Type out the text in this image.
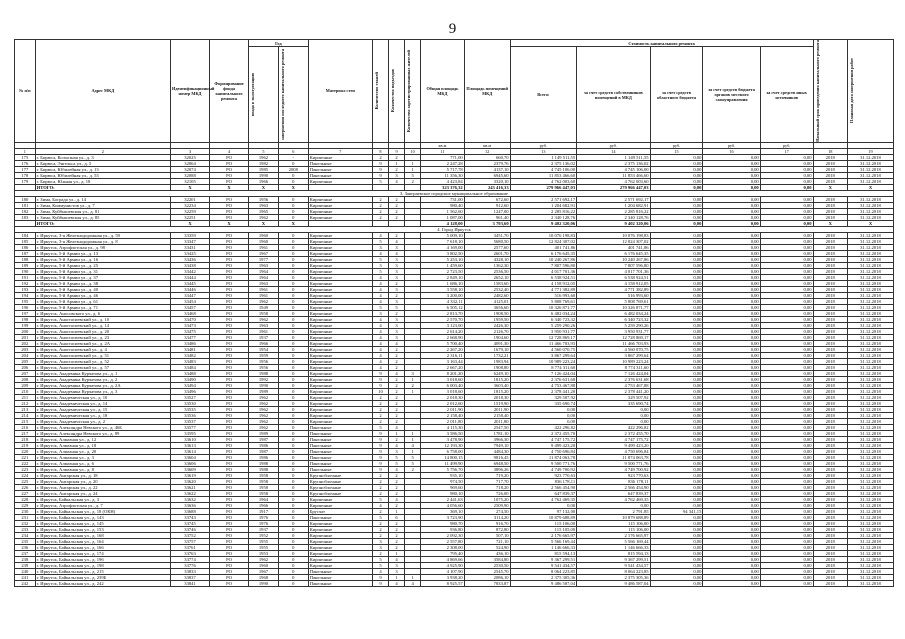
9
№ п/п	Адрес МКД	Идентификационный номер МКД	Формирование фонда капитального ремонта	Год		Материал стен	Количество этажей	Количество подъездов	Количество зарегистрированных жителей	Общая площадь МКД	Площадь помещений МКД	Стоимость капитального ремонта					Начальный срок проведения капитального ремонта	Плановая дата завершения работ

				ввода в эксплуатацию	завершения последнего капитального ремонта							Всего:	за счет средств собственников помещений в МКД	за счет средств областного бюджета	за счет средств бюджета органов местного самоуправления	за счет средств иных источников		
										кв.м	кв.м	руб.	руб.	руб.	руб.	руб.		
1	2	3	4	5	6	7	8	9	10	11	12	13	14	15	16	17	18	19
175	г. Бирюса, Колхозная ул., д. 3	32025	РО	1962	-	Кирпичные	2	2		771,00	660,70	1 149 511,55	1 149 511,55	0,00	0,00	0,00	2018	31.12.2018
176	г. Бирюса, Энгельса ул., д. 5	32064	РО	1982	0	Панельные	9	1	1	2 247,28	2379,76	2 375 136,02	2 375 136,02	0,00	0,00	0,00	2018	31.12.2018
177	г. Бирюса, Юбилейная ул., д. 13	32074	РО	1985	2008	Панельные	9	2	1	5 717,78	4137,10	4 745 106,00	4 745 106,00	0,00	0,00	0,00	2018	31.12.2018
178	г. Бирюса, Юбилейная ул., д. 53	32088	РО	1990	0	Панельные	9	3	5	11 356,30	6945,60	11 853 466,60	11 853 466,60	0,00	0,00	0,00	2018	31.12.2018
179	г. Бирюса, Южная ул., д. 18	32105	РО	1966	0	Кирпичные	5	4	2	4 423,84	3320,10	4 762 003,60	4 762 003,60	0,00	0,00	0,00	2018	31.12.2018
	ИТОГО:	X	X	X	X					323 376,32	243 416,33	279 966 447,03	279 966 447,03	0,00	0,00	0,00	X	X
3. Заиграевское городское муниципальное образование																		
180	г. Зима, Бограда ул., д. 14	32201	РО	1956	0	Кирпичные	2	2		731,00	672,60	2 571 692,17	2 571 692,17	0,00	0,00	0,00	2018	31.12.2018
181	г. Зима, Коммунистов ул., д. 7	32234	РО	1963	0	Кирпичные	2	2		980,40	912,60	1 204 682,91	1 204 682,91	0,00	0,00	0,00	2018	31.12.2018
182	г. Зима, Куйбышевская ул., д. 81	32259	РО	1965	0	Кирпичные	2	2		1 562,60	1247,00	2 285 816,22	2 285 816,22	0,00	0,00	0,00	2018	31.12.2018
183	г. Зима, Куйбышевская ул., д. 85	32251	РО	1962	0	Кирпичные	2	2		1 087,00	961,40	2 340 128,76	2 340 128,76	0,00	0,00	0,00	2018	31.12.2018
	ИТОГО:	X	X	X	X					4 128,00	3 793,60	9 402 320,06	9 402 320,06	0,00	0,00	0,00	X	X
4. Город Иркутск																		
184	г. Иркутск, 3-я Железнодорожная ул., д. 59	33359	РО	1960	0	Кирпичные	4	2		5 009,10	3451,70	10 076 198,83	10 076 198,83	0,00	0,00	0,00	2018	31.12.2018
185	г. Иркутск, 3-я Железнодорожная ул., д. 8	33347	РО	1960	0	Кирпичные	5	4		7 618,10	5680,50	12 824 307,02	12 824 307,02	0,00	0,00	0,00	2018	31.12.2018
186	г. Иркутск, Аэрофлотская ул., д. 98	33431	РО	1961	0	Кирпичные	3	3		4 169,00	2577,60	401 741,86	401 741,86	0,00	0,00	0,00	2018	31.12.2018
187	г. Иркутск, 5-й Армии ул., д. 13	33425	РО	1967	0	Кирпичные	4	4		3 802,50	2601,70	6 176 645,35	6 176 645,35	0,00	0,00	0,00	2018	31.12.2018
188	г. Иркутск, 5-й Армии ул., д. 16	33436	РО	1977	0	Кирпичные	5	3		5 253,10	4328,10	10 240 267,86	10 240 267,86	0,00	0,00	0,00	2018	31.12.2018
189	г. Иркутск, 5-й Армии ул., д. 25	33438	РО	1963	0	Кирпичные	3	3		1 459,60	1362,30	7 807 596,80	7 807 596,80	0,00	0,00	0,00	2018	31.12.2018
190	г. Иркутск, 5-й Армии ул., д. 31	33442	РО	1964	0	Кирпичные	5	3		2 723,50	2536,50	4 017 701,36	4 017 701,36	0,00	0,00	0,00	2018	31.12.2018
191	г. Иркутск, 5-й Армии ул., д. 37	33444	РО	1964	0	Кирпичные	4	3		2 849,10	2652,10	6 538 924,51	6 538 924,51	0,00	0,00	0,00	2018	31.12.2018
192	г. Иркутск, 5-й Армии ул., д. 38	33445	РО	1963	0	Кирпичные	4	2		1 686,10	1583,60	4 158 912,05	4 158 912,05	0,00	0,00	0,00	2018	31.12.2018
193	г. Иркутск, 5-й Армии ул., д. 40	33446	РО	1961	0	Кирпичные	4	3		3 558,10	2532,40	4 771 382,89	4 771 382,89	0,00	0,00	0,00	2018	31.12.2018
194	г. Иркутск, 5-й Армии ул., д. 46	33447	РО	1961	0	Кирпичные	4	2		3 200,00	2482,60	516 993,60	516 993,60	0,00	0,00	0,00	2018	31.12.2018
195	г. Иркутск, 5-й Армии ул., д. 61	33454	РО	1962	0	Кирпичные	4	3		4 332,11	4125,01	5 808 769,61	5 808 769,61	0,00	0,00	0,00	2018	31.12.2018
196	г. Иркутск, 5-й Армии ул., д. 71	33457	РО	1949	0	Кирпичные	5	5		6 505,12	3656,60	10 326 871,77	10 326 871,77	0,00	0,00	0,00	2018	31.12.2018
197	г. Иркутск, Аносовского ул., д. 6	33468	РО	1958	0	Кирпичные	3	2		2 813,70	1908,50	6 482 034,24	6 482 034,24	0,00	0,00	0,00	2018	31.12.2018
198	г. Иркутск, Анастасиевский ул., д. 10	33470	РО	1962	0	Кирпичные	4	3		2 570,70	1959,50	6 340 723,32	6 340 723,32	0,00	0,00	0,00	2018	31.12.2018
199	г. Иркутск, Анастасиевский ул., д. 14	33473	РО	1963	0	Кирпичные	4	3		3 123,00	2426,30	5 259 290,26	5 259 290,26	0,00	0,00	0,00	2018	31.12.2018
200	г. Иркутск, Анастасиевский ул., д. 20	33475	РО	1961	0	Кирпичные	4	3		2 614,20	2126,70	3 950 931,77	3 950 931,77	0,00	0,00	0,00	2018	31.12.2018
201	г. Иркутск, Анастасиевский ул., д. 23	33477	РО	1937	0	Кирпичные	4	3		2 668,90	1904,60	12 728 869,17	12 728 869,17	0,00	0,00	0,00	2018	31.12.2018
202	г. Иркутск, Анастасиевский ул., д. 2А	33486	РО	1966	0	Кирпичные	4	4		5 700,40	4091,30	11 466 703,93	11 466 703,93	0,00	0,00	0,00	2018	31.12.2018
203	г. Иркутск, Анастасиевский ул., д. 4	33481	РО	1954	0	Кирпичные	4	2		2 267,20	1679,10	4 560 070,75	4 560 070,75	0,00	0,00	0,00	2018	31.12.2018
204	г. Иркутск, Анастасиевский ул., д. 51	33482	РО	1959	0	Кирпичные	4	2		2 316,11	1732,21	3 867 299,64	3 867 299,64	0,00	0,00	0,00	2018	31.12.2018
205	г. Иркутск, Анастасиевский ул., д. 52	33483	РО	1956	0	Кирпичные	4	2		3 163,44	1983,94	10 989 223,24	10 989 223,24	0,00	0,00	0,00	2018	31.12.2018
206	г. Иркутск, Анастасиевский ул., д. 57	33484	РО	1956	0	Кирпичные	4	2		2 667,20	1908,80	8 774 311,60	8 774 311,60	0,00	0,00	0,00	2018	31.12.2018
207	г. Иркутск, Академика Курчатова ул., д. 1	33488	РО	1988	0	Кирпичные	9	4	3	8 201,20	6249,10	7 126 424,04	7 126 424,04	0,00	0,00	0,00	2018	31.12.2018
208	г. Иркутск, Академика Курчатова ул., д. 2	33490	РО	1992	0	Кирпичные	9	2	1	3 018,60	1815,20	2 376 631,68	2 376 631,68	0,00	0,00	0,00	2018	31.12.2018
209	г. Иркутск, Академика Курчатова ул., д. 2А	33494	РО	1990	0	Кирпичные	9	2	2	6 003,40	3603,40	4 753 467,88	4 753 467,88	0,00	0,00	0,00	2018	31.12.2018
210	г. Иркутск, Академика Курчатова ул., д. 3	33496	РО	1989	0	Кирпичные	10	2	1	3 018,60	1815,20	2 378 441,20	2 378 441,20	0,00	0,00	0,00	2018	31.12.2018
211	г. Иркутск, Академическая ул., д. 10	33527	РО	1962	0	Кирпичные	2	2		2 018,30	2018,30	329 507,92	329 507,92	0,00	0,00	0,00	2018	31.12.2018
212	г. Иркутск, Академическая ул., д. 14	33530	РО	1962	0	Кирпичные	2	2		2 012,60	1519,90	335 690,74	335 690,74	0,00	0,00	0,00	2018	31.12.2018
213	г. Иркутск, Академическая ул., д. 15	33535	РО	1962	0	Кирпичные	2	2		2 011,90	2011,90	0,00	0,00	0,00	0,00	0,00	2018	31.12.2018
214	г. Иркутск, Академическая ул., д. 18	33536	РО	1962	0	Кирпичные	2	2		2 158,40	2158,40	0,00	0,00	0,00	0,00	0,00	2018	31.12.2018
215	г. Иркутск, Академическая ул., д. 2	33537	РО	1962	0	Кирпичные	2	2		2 011,80	2011,80	0,00	0,00	0,00	0,00	0,00	2018	31.12.2018
216	г. Иркутск, Александра Невского ул., д. 46Б	33577	РО	1962	0	Панельные	5	4		4 115,30	2547,50	422 296,82	422 296,82	0,00	0,00	0,00	2018	31.12.2018
217	г. Иркутск, Александра Невского ул., д. 89	33595	РО	1989	0	Панельные	9	1	1	3 586,50	1781,10	2 372 455,70	2 372 455,70	0,00	0,00	0,00	2018	31.12.2018
218	г. Иркутск, Алмазная ул., д. 12	33610	РО	1987	0	Панельные	9	2	1	3 478,90	3966,30	4 747 175,72	4 747 175,72	0,00	0,00	0,00	2018	31.12.2018
219	г. Иркутск, Алмазная ул., д. 18	33613	РО	1986	0	Панельные	9	4	4	12 193,30	7949,10	9 499 423,20	9 499 423,20	0,00	0,00	0,00	2018	31.12.2018
220	г. Иркутск, Алмазная ул., д. 20	33614	РО	1987	0	Панельные	9	3	1	6 758,00	4484,30	4 750 696,84	4 750 696,84	0,00	0,00	0,00	2018	31.12.2018
221	г. Иркутск, Алмазная ул., д. 3	33604	РО	1986	0	Панельные	9	5	5	14 800,15	9816,45	11 874 063,78	11 874 063,78	0,00	0,00	0,00	2018	31.12.2018
222	г. Иркутск, Алмазная ул., д. 6	33606	РО	1988	0	Панельные	9	5	5	11 499,90	6948,50	9 500 771,76	9 500 771,76	0,00	0,00	0,00	2018	31.12.2018
223	г. Иркутск, Алмазная ул., д. 8	33609	РО	1988	0	Панельные	9	4	2	5 756,70	3896,26	4 749 700,92	4 749 700,92	0,00	0,00	0,00	2018	31.12.2018
224	г. Иркутск, Ангарская ул., д. 18	33619	РО	1958	0	Крупноблочные	2	2		935,10	719,20	923 770,63	923 770,63	0,00	0,00	0,00	2018	31.12.2018
225	г. Иркутск, Ангарская ул., д. 20	33620	РО	1958	0	Крупноблочные	2	2		974,50	717,70	836 178,11	836 178,11	0,00	0,00	0,00	2018	31.12.2018
226	г. Иркутск, Ангарская ул., д. 22	33621	РО	1958	0	Крупноблочные	2	2		969,60	718,20	2 566 454,90	2 566 454,90	0,00	0,00	0,00	2018	31.12.2018
227	г. Иркутск, Ангарская ул., д. 24	33622	РО	1958	0	Крупноблочные	2	2		980,10	726,00	647 839,37	647 839,37	0,00	0,00	0,00	2018	31.12.2018
228	г. Иркутск, Байкальская ул., д. 3	33632	РО	1964	0	Кирпичные	5	4		2 441,63	1075,20	4 762 469,35	4 762 469,35	0,00	0,00	0,00	2018	31.12.2018
229	г. Иркутск, Аэрофлотская ул., д. 7	33636	РО	1966	0	Кирпичные	4	2		4 056,60	2509,90	0,00	0,00	0,00	0,00	0,00	2018	31.12.2018
230	г. Иркутск, Байкальская ул., д. 18 (ОКН)	33688	РО	1917	0	Брусчат	2	1		369,10	274,50	97 132,00	2 791,85	94 341,15	0,00	0,00	2018	31.12.2018
231	г. Иркутск, Байкальская ул., д. 143	33743	РО	1976	0	Панельные	5	6		3 723,90	3114,20	10 879 688,89	10 879 688,89	0,00	0,00	0,00	2018	31.12.2018
232	г. Иркутск, Байкальская ул., д. 145	33745	РО	1976	0	Кирпичные	2	2		980,70	916,70	115 106,00	115 106,00	0,00	0,00	0,00	2018	31.12.2018
233	г. Иркутск, Байкальская ул., д. 153	33746	РО	1937	0	Кирпичные	2	2		936,80	872,80	115 105,00	115 106,00	0,00	0,00	0,00	2018	31.12.2018
234	г. Иркутск, Байкальская ул., д. 168	33752	РО	1952	0	Кирпичные	2	2		2 092,30	507,10	2 176 665,97	2 176 665,97	0,00	0,00	0,00	2018	31.12.2018
235	г. Иркутск, Байкальская ул., д. 164	33757	РО	1955	0	Кирпичные	3	2		2 557,80	721,10	5 566 169,44	5 566 169,44	0,00	0,00	0,00	2018	31.12.2018
236	г. Иркутск, Байкальская ул., д. 166	33761	РО	1955	0	Кирпичные	3	2		2 308,00	524,90	1 146 666,33	1 146 666,33	0,00	0,00	0,00	2018	31.12.2018
237	г. Иркутск, Байкальская ул., д. 174	33763	РО	1953	0	Кирпичные	2	1		795,40	436,10	815 594,13	815 594,13	0,00	0,00	0,00	2018	31.12.2018
238	г. Иркутск, Байкальская ул., д. 196	33774	РО	1962	0	Кирпичные	5	4		4 869,66	3584,80	9 367 299,51	9 367 299,51	0,00	0,00	0,00	2018	31.12.2018
239	г. Иркутск, Байкальская ул., д. 198	33776	РО	1960	0	Кирпичные	5	3		4 925,90	2530,50	9 541 434,57	9 541 434,57	0,00	0,00	0,00	2018	31.12.2018
240	г. Иркутск, Байкальская ул., д. 215	33833	РО	1967	0	Панельные	4	3		4 107,90	2545,70	8 064 223,85	8 064 223,85	0,00	0,00	0,00	2018	31.12.2018
241	г. Иркутск, Байкальская ул., д. 239Б	33837	РО	1968	0	Панельные	9	1	1	3 938,20	2086,10	2 375 305,36	2 375 305,36	0,00	0,00	0,00	2018	31.12.2018
242	г. Иркутск, Байкальская ул., д. 242	33841	РО	1990	0	Панельные	9	4	4	8 925,57	7833,87	9 486 587,04	9 486 587,04	0,00	0,00	0,00	2018	31.12.2018
